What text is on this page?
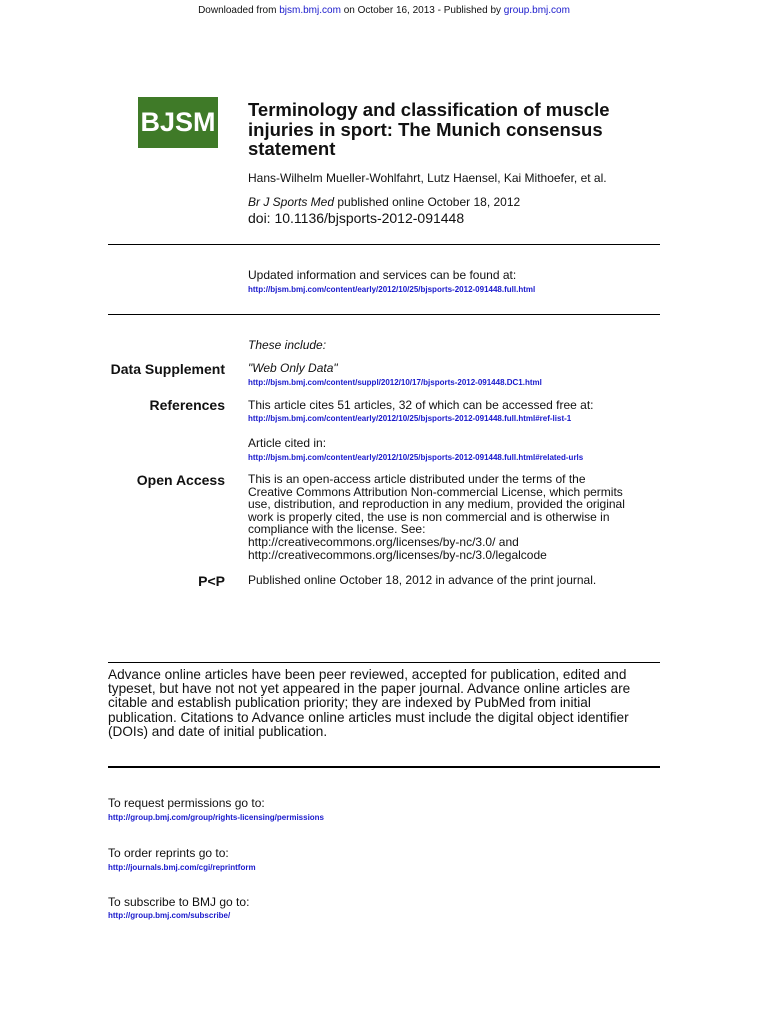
Downloaded from bjsm.bmj.com on October 16, 2013 - Published by group.bmj.com
BJSM Terminology and classification of muscle injuries in sport: The Munich consensus statement
Hans-Wilhelm Mueller-Wohlfahrt, Lutz Haensel, Kai Mithoefer, et al.
Br J Sports Med published online October 18, 2012
doi: 10.1136/bjsports-2012-091448
Updated information and services can be found at:
http://bjsm.bmj.com/content/early/2012/10/25/bjsports-2012-091448.full.html
These include:
Data Supplement "Web Only Data"
http://bjsm.bmj.com/content/suppl/2012/10/17/bjsports-2012-091448.DC1.html
References This article cites 51 articles, 32 of which can be accessed free at:
http://bjsm.bmj.com/content/early/2012/10/25/bjsports-2012-091448.full.html#ref-list-1
Article cited in:
http://bjsm.bmj.com/content/early/2012/10/25/bjsports-2012-091448.full.html#related-urls
Open Access This is an open-access article distributed under the terms of the
Creative Commons Attribution Non-commercial License, which permits
use, distribution, and reproduction in any medium, provided the original
work is properly cited, the use is non commercial and is otherwise in
compliance with the license. See:
http://creativecommons.org/licenses/by-nc/3.0/ and
http://creativecommons.org/licenses/by-nc/3.0/legalcode
P<P Published online October 18, 2012 in advance of the print journal.
Advance online articles have been peer reviewed, accepted for publication, edited and
typeset, but have not not yet appeared in the paper journal. Advance online articles are
citable and establish publication priority; they are indexed by PubMed from initial
publication. Citations to Advance online articles must include the digital object identifier
(DOIs) and date of initial publication.
To request permissions go to:
http://group.bmj.com/group/rights-licensing/permissions
To order reprints go to:
http://journals.bmj.com/cgi/reprintform
To subscribe to BMJ go to:
http://group.bmj.com/subscribe/
